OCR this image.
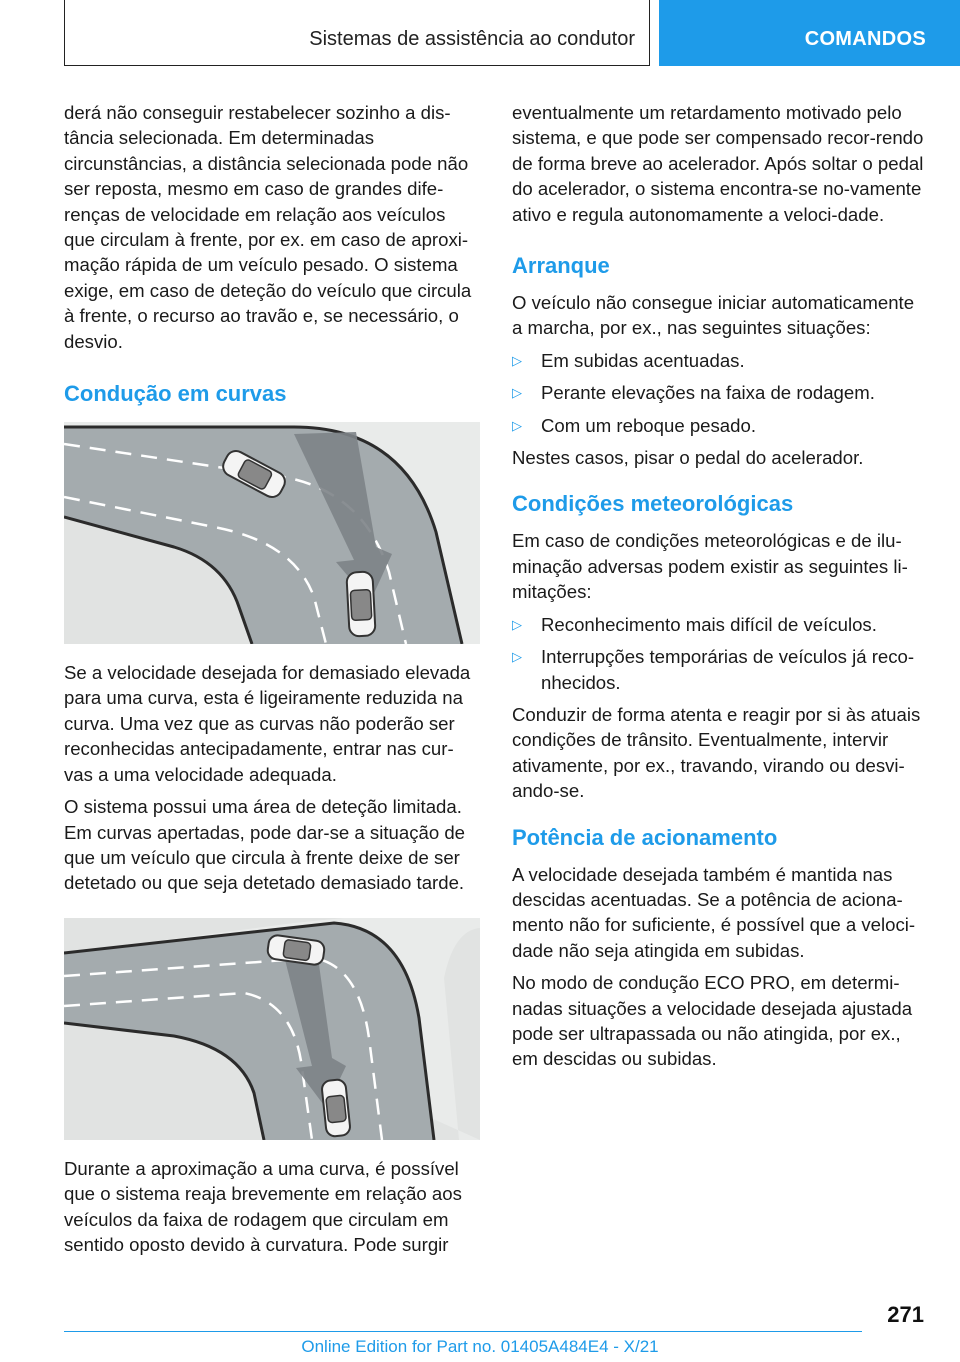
Sistemas de assistência ao condutor	COMANDOS

derá não conseguir restabelecer sozinho a dis-tância selecionada. Em determinadas circunstâncias, a distância selecionada pode não ser reposta, mesmo em caso de grandes dife-renças de velocidade em relação aos veículos que circulam à frente, por ex. em caso de aproxi-mação rápida de um veículo pesado. O sistema exige, em caso de deteção do veículo que circula à frente, o recurso ao travão e, se necessário, o desvio.

Condução em curvas

Se a velocidade desejada for demasiado elevada para uma curva, esta é ligeiramente reduzida na curva. Uma vez que as curvas não poderão ser reconhecidas antecipadamente, entrar nas cur-vas a uma velocidade adequada.

O sistema possui uma área de deteção limitada. Em curvas apertadas, pode dar-se a situação de que um veículo que circula à frente deixe de ser detetado ou que seja detetado demasiado tarde.

Durante a aproximação a uma curva, é possível que o sistema reaja brevemente em relação aos veículos da faixa de rodagem que circulam em sentido oposto devido à curvatura. Pode surgir

eventualmente um retardamento motivado pelo sistema, e que pode ser compensado recor-rendo de forma breve ao acelerador. Após soltar o pedal do acelerador, o sistema encontra-se no-vamente ativo e regula autonomamente a veloci-dade.

Arranque

O veículo não consegue iniciar automaticamente a marcha, por ex., nas seguintes situações:

▷ Em subidas acentuadas.
▷ Perante elevações na faixa de rodagem.
▷ Com um reboque pesado.

Nestes casos, pisar o pedal do acelerador.

Condições meteorológicas

Em caso de condições meteorológicas e de ilu-minação adversas podem existir as seguintes li-mitações:

▷ Reconhecimento mais difícil de veículos.
▷ Interrupções temporárias de veículos já reco-nhecidos.

Conduzir de forma atenta e reagir por si às atuais condições de trânsito. Eventualmente, intervir ativamente, por ex., travando, virando ou desvi-ando-se.

Potência de acionamento

A velocidade desejada também é mantida nas descidas acentuadas. Se a potência de aciona-mento não for suficiente, é possível que a veloci-dade não seja atingida em subidas.

No modo de condução ECO PRO, em determi-nadas situações a velocidade desejada ajustada pode ser ultrapassada ou não atingida, por ex., em descidas ou subidas.

271
Online Edition for Part no. 01405A484E4 - X/21
